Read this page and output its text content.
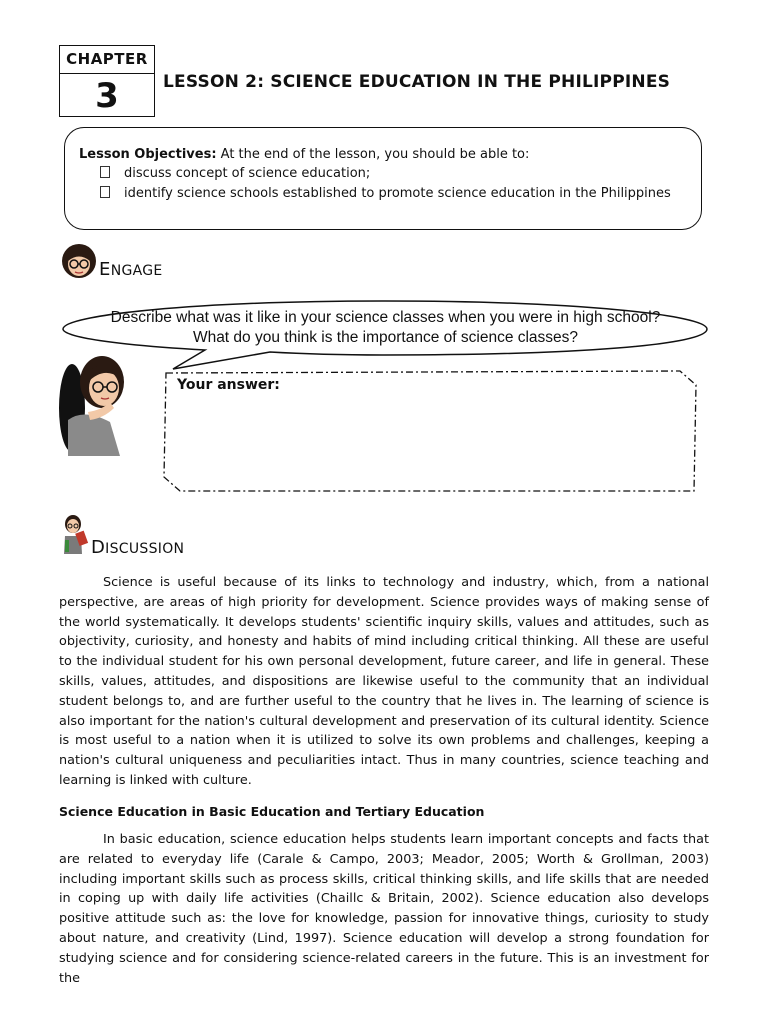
CHAPTER
3	LESSON 2: SCIENCE EDUCATION IN THE PHILIPPINES
Lesson Objectives: At the end of the lesson, you should be able to:
discuss concept of science education;
identify science schools established to promote science education in the Philippines
ENGAGE
Describe what was it like in your science classes when you were in high school?
What do you think is the importance of science classes?
Your answer:
DISCUSSION
Science is useful because of its links to technology and industry, which, from a national perspective, are areas of high priority for development. Science provides ways of making sense of the world systematically. It develops students' scientific inquiry skills, values and attitudes, such as objectivity, curiosity, and honesty and habits of mind including critical thinking. All these are useful to the individual student for his own personal development, future career, and life in general. These skills, values, attitudes, and dispositions are likewise useful to the community that an individual student belongs to, and are further useful to the country that he lives in. The learning of science is also important for the nation's cultural development and preservation of its cultural identity. Science is most useful to a nation when it is utilized to solve its own problems and challenges, keeping a nation's cultural uniqueness and peculiarities intact. Thus in many countries, science teaching and learning is linked with culture.
Science Education in Basic Education and Tertiary Education
In basic education, science education helps students learn important concepts and facts that are related to everyday life (Carale & Campo, 2003; Meador, 2005; Worth & Grollman, 2003) including important skills such as process skills, critical thinking skills, and life skills that are needed in coping up with daily life activities (Chaillc & Britain, 2002). Science education also develops positive attitude such as: the love for knowledge, passion for innovative things, curiosity to study about nature, and creativity (Lind, 1997). Science education will develop a strong foundation for studying science and for considering science-related careers in the future. This is an investment for the
